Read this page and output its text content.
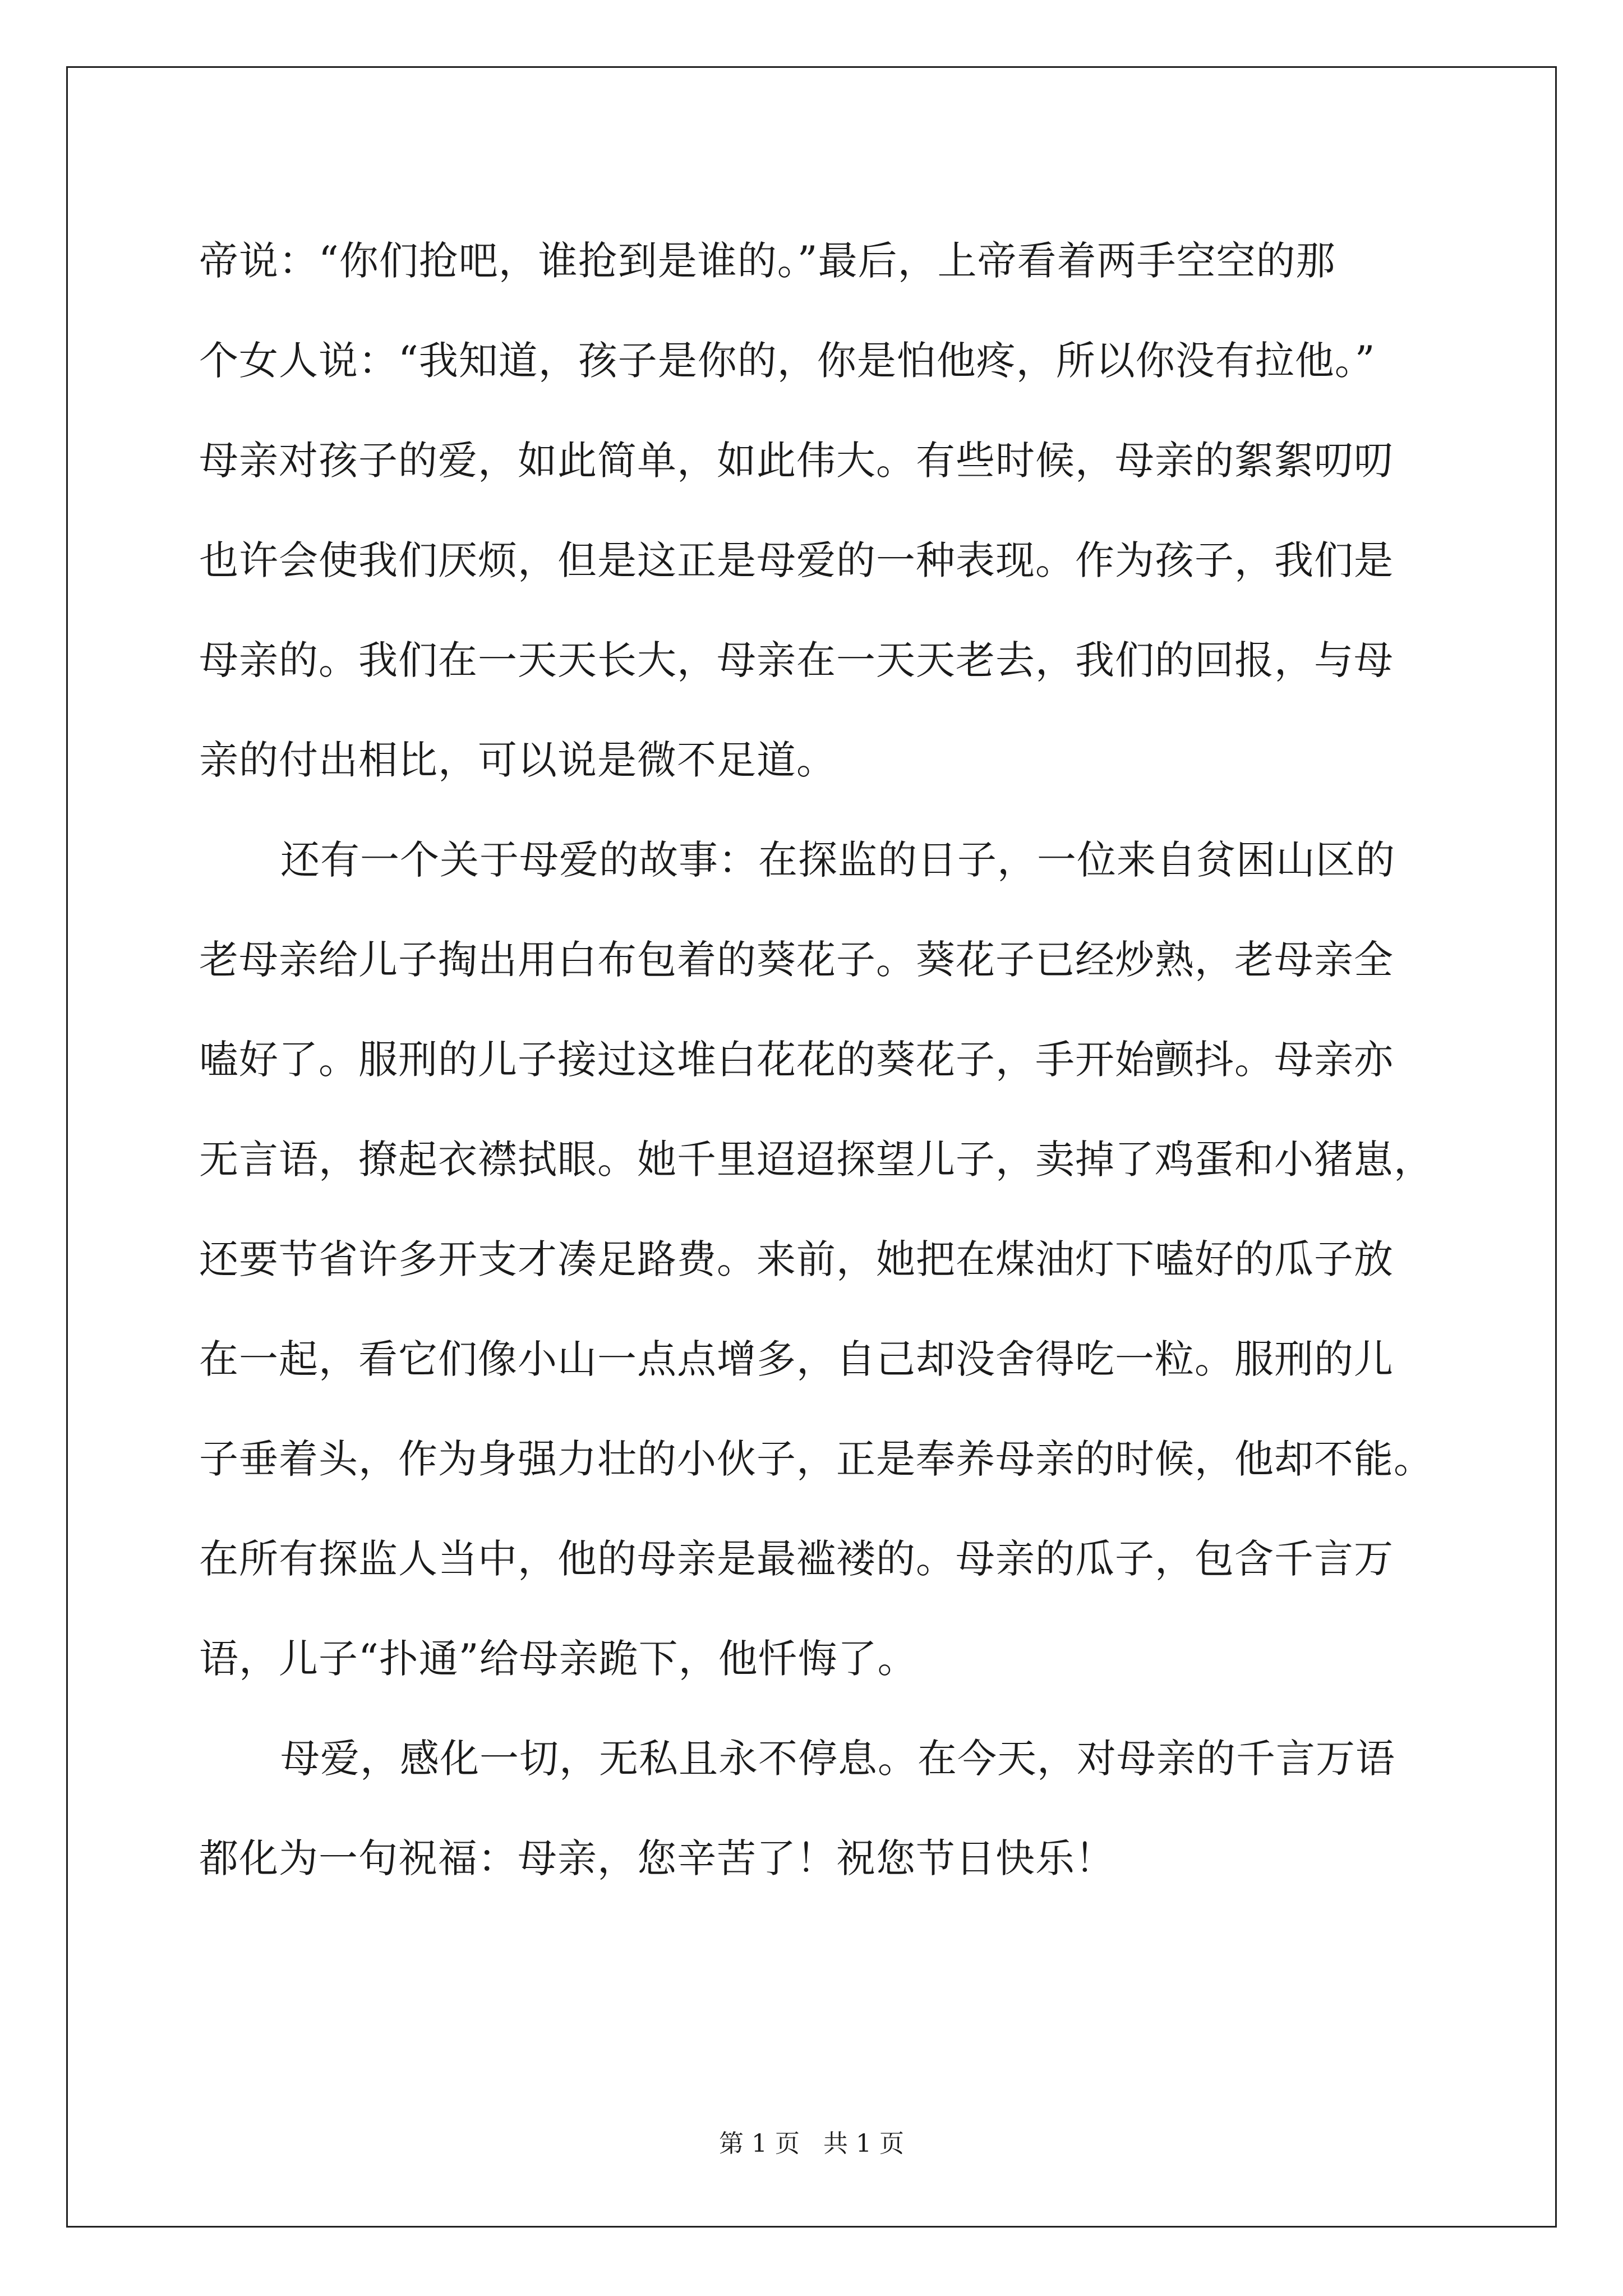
帝说：“你们抢吧，谁抢到是谁的。”最后，上帝看着两手空空的那
个女人说：“我知道，孩子是你的，你是怕他疼，所以你没有拉他。”
母亲对孩子的爱，如此简单，如此伟大。有些时候，母亲的絮絮叨叨
也许会使我们厌烦，但是这正是母爱的一种表现。作为孩子，我们是
母亲的。我们在一天天长大，母亲在一天天老去，我们的回报，与母
亲的付出相比，可以说是微不足道。
还有一个关于母爱的故事：在探监的日子，一位来自贫困山区的
老母亲给儿子掏出用白布包着的葵花子。葵花子已经炒熟，老母亲全
嗑好了。服刑的儿子接过这堆白花花的葵花子，手开始颤抖。母亲亦
无言语，撩起衣襟拭眼。她千里迢迢探望儿子，卖掉了鸡蛋和小猪崽，
还要节省许多开支才凑足路费。来前，她把在煤油灯下嗑好的瓜子放
在一起，看它们像小山一点点增多，自己却没舍得吃一粒。服刑的儿
子垂着头，作为身强力壮的小伙子，正是奉养母亲的时候，他却不能。
在所有探监人当中，他的母亲是最褴褛的。母亲的瓜子，包含千言万
语，儿子“扑通”给母亲跪下，他忏悔了。
母爱，感化一切，无私且永不停息。在今天，对母亲的千言万语
都化为一句祝福：母亲，您辛苦了！祝您节日快乐！
第 1 页   共 1 页
